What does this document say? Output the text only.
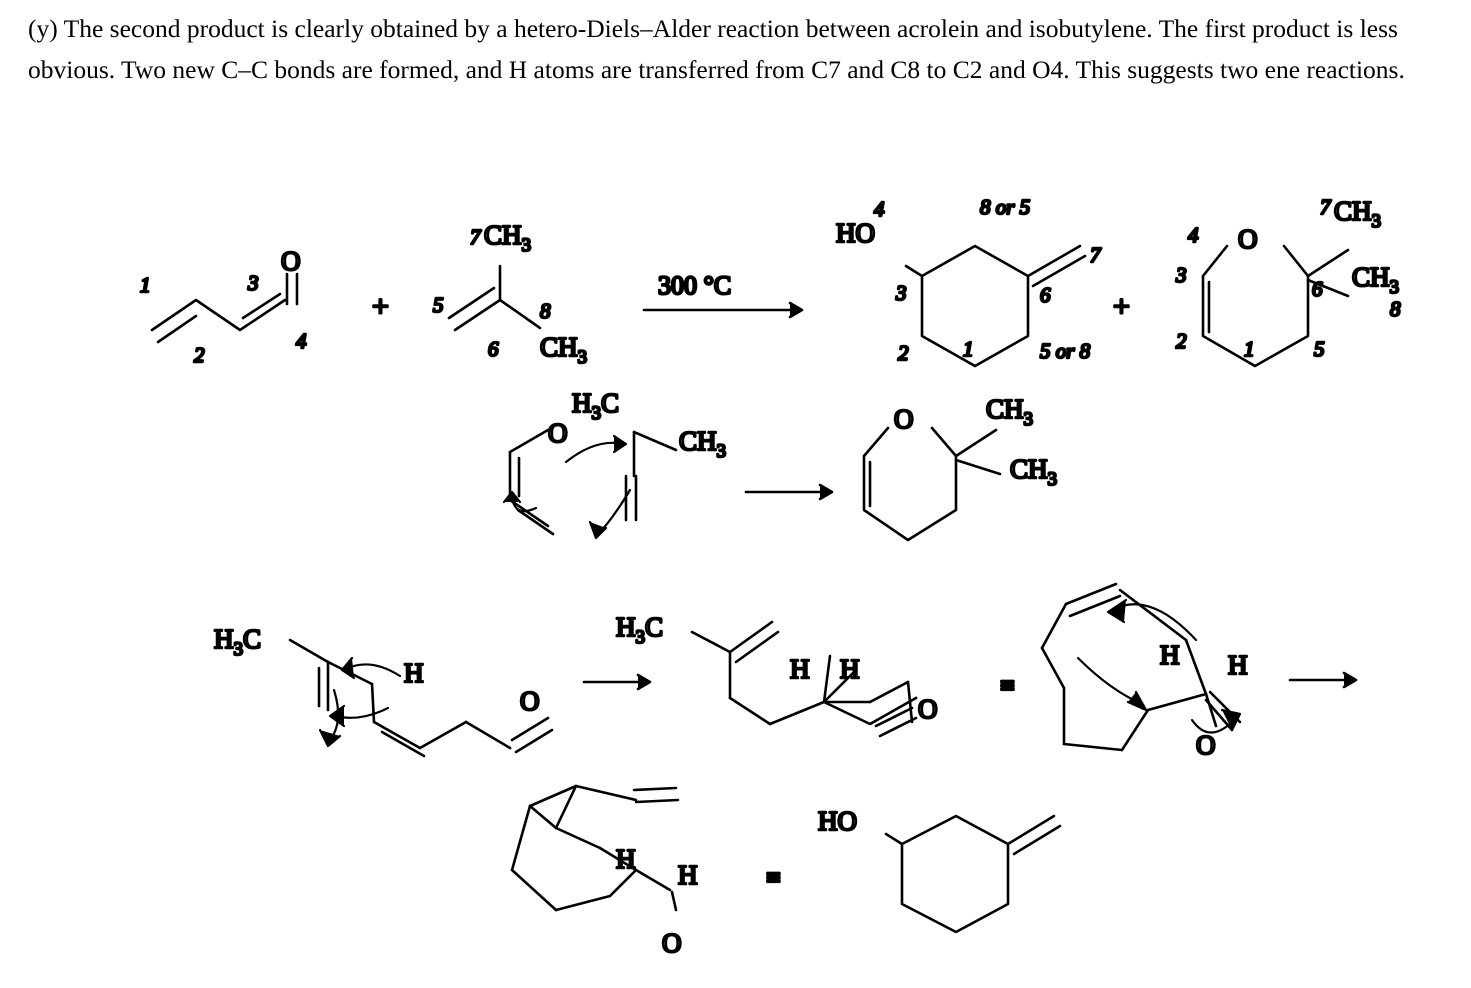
(y) The second product is clearly obtained by a hetero-Diels–Alder reaction between acrolein and isobutylene. The first product is less obvious. Two new C–C bonds are formed, and H atoms are transferred from C7 and C8 to C2 and O4. This suggests two ene reactions.
1
2
3
O
4
+
7 $CH_3$
5
6
8
$CH_3$
300 °C
HO
4
3
2	1
6
7
8 or 5
5 or 8
+
4 O
7 $CH_3$
3
2	1	5
6
8
$CH_3$
O
$H_3C$
$CH_3$
O	$CH_3$
$CH_3$
$H_3C$
H
O
$H_3C$
H H
O
≡
H H
O
H
H
O
≡
HO
